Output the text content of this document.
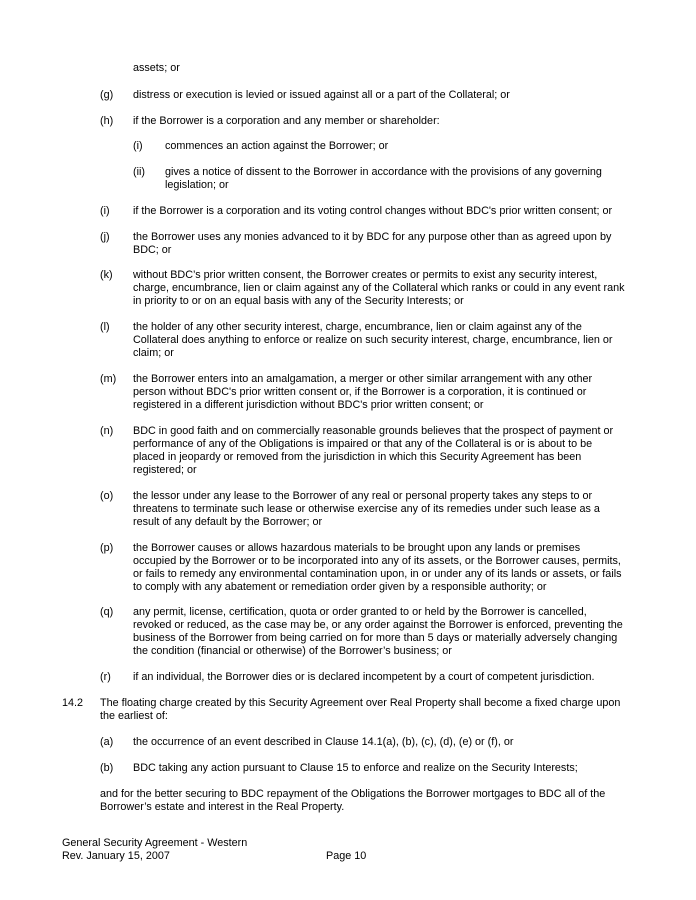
assets; or
(g) distress or execution is levied or issued against all or a part of the Collateral; or
(h) if the Borrower is a corporation and any member or shareholder:
(i) commences an action against the Borrower; or
(ii) gives a notice of dissent to the Borrower in accordance with the provisions of any governing
legislation; or
(i) if the Borrower is a corporation and its voting control changes without BDC's prior written consent; or
(j) the Borrower uses any monies advanced to it by BDC for any purpose other than as agreed upon by
BDC; or
(k) without BDC’s prior written consent, the Borrower creates or permits to exist any security interest,
charge, encumbrance, lien or claim against any of the Collateral which ranks or could in any event rank
in priority to or on an equal basis with any of the Security Interests; or
(l) the holder of any other security interest, charge, encumbrance, lien or claim against any of the
Collateral does anything to enforce or realize on such security interest, charge, encumbrance, lien or
claim; or
(m) the Borrower enters into an amalgamation, a merger or other similar arrangement with any other
person without BDC's prior written consent or, if the Borrower is a corporation, it is continued or
registered in a different jurisdiction without BDC's prior written consent; or
(n) BDC in good faith and on commercially reasonable grounds believes that the prospect of payment or
performance of any of the Obligations is impaired or that any of the Collateral is or is about to be
placed in jeopardy or removed from the jurisdiction in which this Security Agreement has been
registered; or
(o) the lessor under any lease to the Borrower of any real or personal property takes any steps to or
threatens to terminate such lease or otherwise exercise any of its remedies under such lease as a
result of any default by the Borrower; or
(p) the Borrower causes or allows hazardous materials to be brought upon any lands or premises
occupied by the Borrower or to be incorporated into any of its assets, or the Borrower causes, permits,
or fails to remedy any environmental contamination upon, in or under any of its lands or assets, or fails
to comply with any abatement or remediation order given by a responsible authority; or
(q) any permit, license, certification, quota or order granted to or held by the Borrower is cancelled,
revoked or reduced, as the case may be, or any order against the Borrower is enforced, preventing the
business of the Borrower from being carried on for more than 5 days or materially adversely changing
the condition (financial or otherwise) of the Borrower’s business; or
(r) if an individual, the Borrower dies or is declared incompetent by a court of competent jurisdiction.
14.2 The floating charge created by this Security Agreement over Real Property shall become a fixed charge upon
the earliest of:
(a) the occurrence of an event described in Clause 14.1(a), (b), (c), (d), (e) or (f), or
(b) BDC taking any action pursuant to Clause 15 to enforce and realize on the Security Interests;
and for the better securing to BDC repayment of the Obligations the Borrower mortgages to BDC all of the
Borrower’s estate and interest in the Real Property.
General Security Agreement - Western
Rev. January 15, 2007	Page 10
